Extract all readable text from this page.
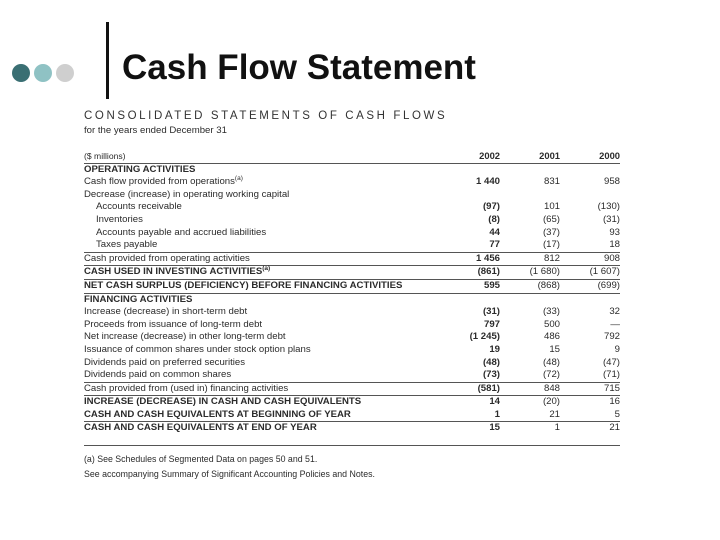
Cash Flow Statement
CONSOLIDATED STATEMENTS OF CASH FLOWS
for the years ended December 31
($ millions)	2002	2001	2000
OPERATING ACTIVITIES			
Cash flow provided from operations$^{(a)}$	1 440	831	958
Decrease (increase) in operating working capital			
Accounts receivable	(97)	101	(130)
Inventories	(8)	(65)	(31)
Accounts payable and accrued liabilities	44	(37)	93
Taxes payable	77	(17)	18
Cash provided from operating activities	1 456	812	908
CASH USED IN INVESTING ACTIVITIES$^{(a)}$	(861)	(1 680)	(1 607)
NET CASH SURPLUS (DEFICIENCY) BEFORE FINANCING ACTIVITIES	595	(868)	(699)
FINANCING ACTIVITIES			
Increase (decrease) in short-term debt	(31)	(33)	32
Proceeds from issuance of long-term debt	797	500	—
Net increase (decrease) in other long-term debt	(1 245)	486	792
Issuance of common shares under stock option plans	19	15	9
Dividends paid on preferred securities	(48)	(48)	(47)
Dividends paid on common shares	(73)	(72)	(71)
Cash provided from (used in) financing activities	(581)	848	715
INCREASE (DECREASE) IN CASH AND CASH EQUIVALENTS	14	(20)	16
CASH AND CASH EQUIVALENTS AT BEGINNING OF YEAR	1	21	5
CASH AND CASH EQUIVALENTS AT END OF YEAR	15	1	21
(a) See Schedules of Segmented Data on pages 50 and 51.
See accompanying Summary of Significant Accounting Policies and Notes.
